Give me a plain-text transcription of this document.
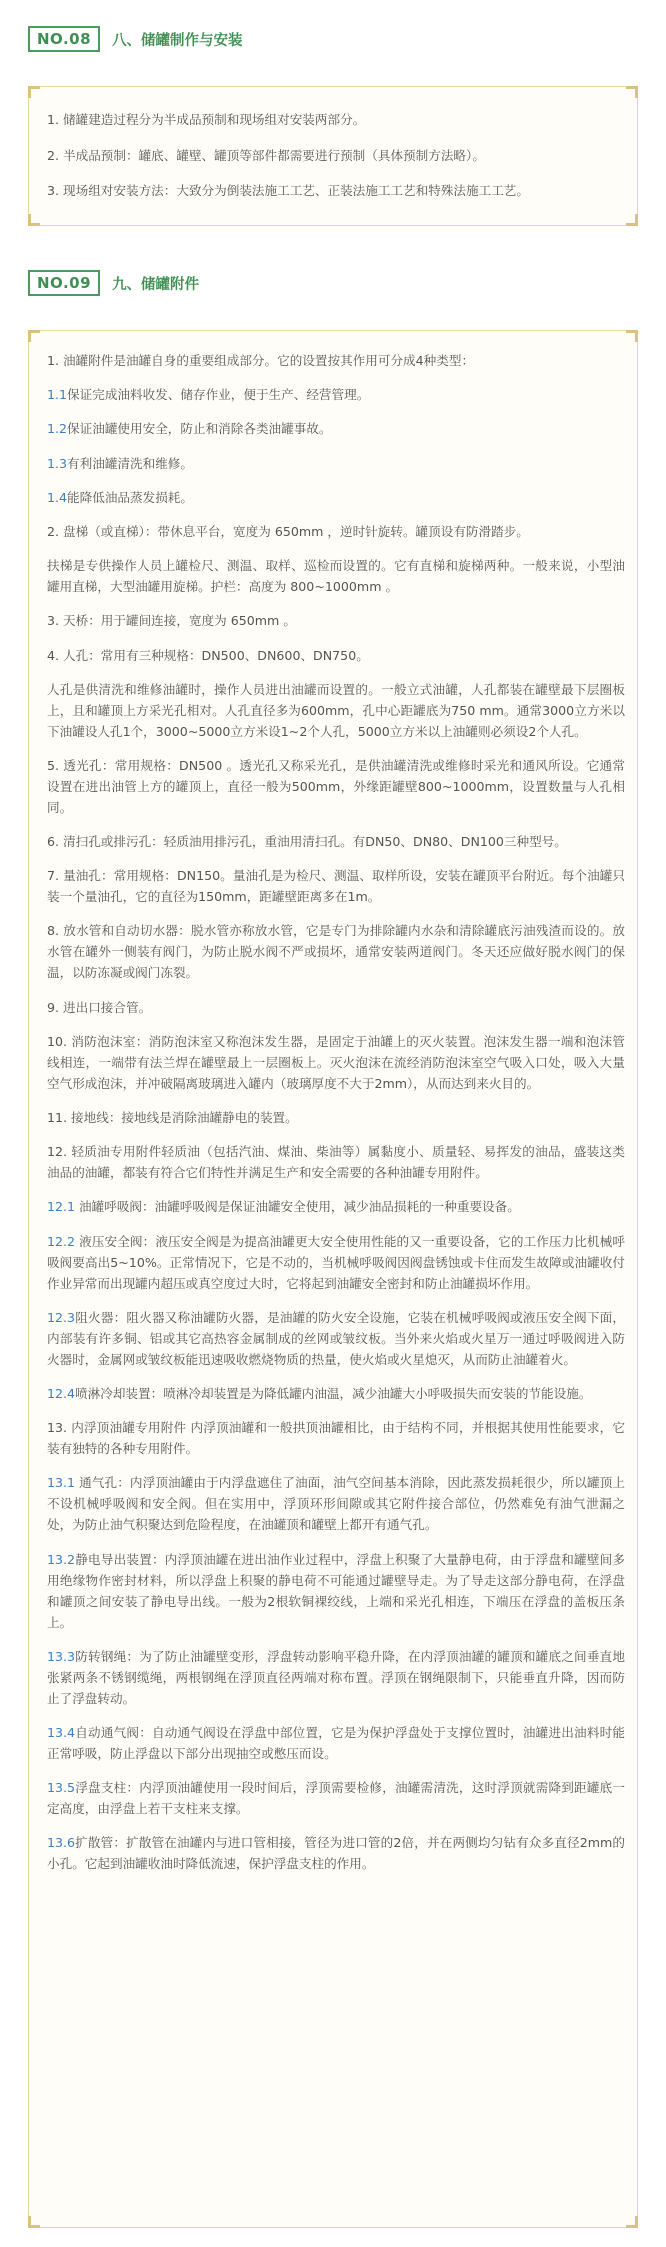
NO.08	八、储罐制作与安装

1. 储罐建造过程分为半成品预制和现场组对安装两部分。

2. 半成品预制：罐底、罐壁、罐顶等部件都需要进行预制（具体预制方法略）。

3. 现场组对安装方法：大致分为倒装法施工工艺、正装法施工工艺和特殊法施工工艺。

NO.09	九、储罐附件

1. 油罐附件是油罐自身的重要组成部分。它的设置按其作用可分成4种类型：

1.1保证完成油料收发、储存作业，便于生产、经营管理。

1.2保证油罐使用安全，防止和消除各类油罐事故。

1.3有利油罐清洗和维修。

1.4能降低油品蒸发损耗。

2. 盘梯（或直梯）：带休息平台，宽度为 650mm ，逆时针旋转。罐顶设有防滑踏步。

扶梯是专供操作人员上罐检尺、测温、取样、巡检而设置的。它有直梯和旋梯两种。一般来说，小型油罐用直梯，大型油罐用旋梯。护栏：高度为 800~1000mm 。

3. 天桥：用于罐间连接，宽度为 650mm 。

4. 人孔：常用有三种规格：DN500、DN600、DN750。

人孔是供清洗和维修油罐时，操作人员进出油罐而设置的。一般立式油罐，人孔都装在罐壁最下层圈板上，且和罐顶上方采光孔相对。人孔直径多为600mm，孔中心距罐底为750 mm。通常3000立方米以下油罐设人孔1个，3000~5000立方米设1~2个人孔，5000立方米以上油罐则必须设2个人孔。

5. 透光孔：常用规格：DN500 。透光孔又称采光孔，是供油罐清洗或维修时采光和通风所设。它通常设置在进出油管上方的罐顶上，直径一般为500mm，外缘距罐壁800~1000mm，设置数量与人孔相同。

6. 清扫孔或排污孔：轻质油用排污孔，重油用清扫孔。有DN50、DN80、DN100三种型号。

7. 量油孔：常用规格：DN150。量油孔是为检尺、测温、取样所设，安装在罐顶平台附近。每个油罐只装一个量油孔，它的直径为150mm，距罐壁距离多在1m。

8. 放水管和自动切水器：脱水管亦称放水管，它是专门为排除罐内水杂和清除罐底污油残渣而设的。放水管在罐外一侧装有阀门，为防止脱水阀不严或损坏，通常安装两道阀门。冬天还应做好脱水阀门的保温，以防冻凝或阀门冻裂。

9. 进出口接合管。

10. 消防泡沫室：消防泡沫室又称泡沫发生器，是固定于油罐上的灭火装置。泡沫发生器一端和泡沫管线相连，一端带有法兰焊在罐壁最上一层圈板上。灭火泡沫在流经消防泡沫室空气吸入口处，吸入大量空气形成泡沫，并冲破隔离玻璃进入罐内（玻璃厚度不大于2mm），从而达到来火目的。

11. 接地线：接地线是消除油罐静电的装置。

12. 轻质油专用附件轻质油（包括汽油、煤油、柴油等）属黏度小、质量轻、易挥发的油品，盛装这类油品的油罐，都装有符合它们特性并满足生产和安全需要的各种油罐专用附件。

12.1 油罐呼吸阀：油罐呼吸阀是保证油罐安全使用，减少油品损耗的一种重要设备。

12.2 液压安全阀：液压安全阀是为提高油罐更大安全使用性能的又一重要设备，它的工作压力比机械呼吸阀要高出5~10%。正常情况下，它是不动的，当机械呼吸阀因阀盘锈蚀或卡住而发生故障或油罐收付作业异常而出现罐内超压或真空度过大时，它将起到油罐安全密封和防止油罐损坏作用。

12.3阻火器：阻火器又称油罐防火器，是油罐的防火安全设施，它装在机械呼吸阀或液压安全阀下面，内部装有许多铜、铝或其它高热容金属制成的丝网或皱纹板。当外来火焰或火星万一通过呼吸阀进入防火器时，金属网或皱纹板能迅速吸收燃烧物质的热量，使火焰或火星熄灭，从而防止油罐着火。

12.4喷淋冷却装置：喷淋冷却装置是为降低罐内油温，减少油罐大小呼吸损失而安装的节能设施。

13. 内浮顶油罐专用附件 内浮顶油罐和一般拱顶油罐相比，由于结构不同，并根据其使用性能要求，它装有独特的各种专用附件。

13.1 通气孔：内浮顶油罐由于内浮盘遮住了油面，油气空间基本消除，因此蒸发损耗很少，所以罐顶上不设机械呼吸阀和安全阀。但在实用中，浮顶环形间隙或其它附件接合部位，仍然难免有油气泄漏之处，为防止油气积聚达到危险程度，在油罐顶和罐壁上都开有通气孔。

13.2静电导出装置：内浮顶油罐在进出油作业过程中，浮盘上积聚了大量静电荷，由于浮盘和罐壁间多用绝缘物作密封材料，所以浮盘上积聚的静电荷不可能通过罐壁导走。为了导走这部分静电荷，在浮盘和罐顶之间安装了静电导出线。一般为2根软铜裸绞线，上端和采光孔相连，下端压在浮盘的盖板压条上。

13.3防转钢绳：为了防止油罐壁变形，浮盘转动影响平稳升降，在内浮顶油罐的罐顶和罐底之间垂直地张紧两条不锈钢缆绳，两根钢绳在浮顶直径两端对称布置。浮顶在钢绳限制下，只能垂直升降，因而防止了浮盘转动。

13.4自动通气阀：自动通气阀设在浮盘中部位置，它是为保护浮盘处于支撑位置时，油罐进出油料时能正常呼吸，防止浮盘以下部分出现抽空或憋压而设。

13.5浮盘支柱：内浮顶油罐使用一段时间后，浮顶需要检修，油罐需清洗，这时浮顶就需降到距罐底一定高度，由浮盘上若干支柱来支撑。

13.6扩散管：扩散管在油罐内与进口管相接，管径为进口管的2倍，并在两侧均匀钻有众多直径2mm的小孔。它起到油罐收油时降低流速，保护浮盘支柱的作用。
